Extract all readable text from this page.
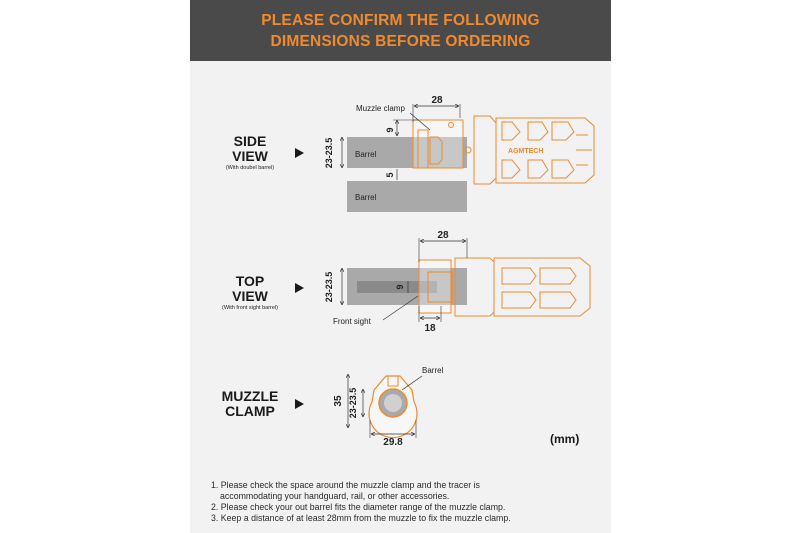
PLEASE CONFIRM THE FOLLOWING
DIMENSIONS BEFORE ORDERING
SIDE
VIEW
(With doubel barrel)
TOP
VIEW
(With front sight barrel)
MUZZLE
CLAMP
Barrel
Barrel
AGMTECH
Muzzle clamp
28
9
23-23.5
5
28
9
23-23.5
Front sight
18
Barrel
35 23-23.5
29.8	(mm)
1. Please check the space around the muzzle clamp and the tracer is
accommodating your handguard, rail, or other accessories.
2. Please check your out barrel fits the diameter range of the muzzle clamp.
3. Keep a distance of at least 28mm from the muzzle to fix the muzzle clamp.
